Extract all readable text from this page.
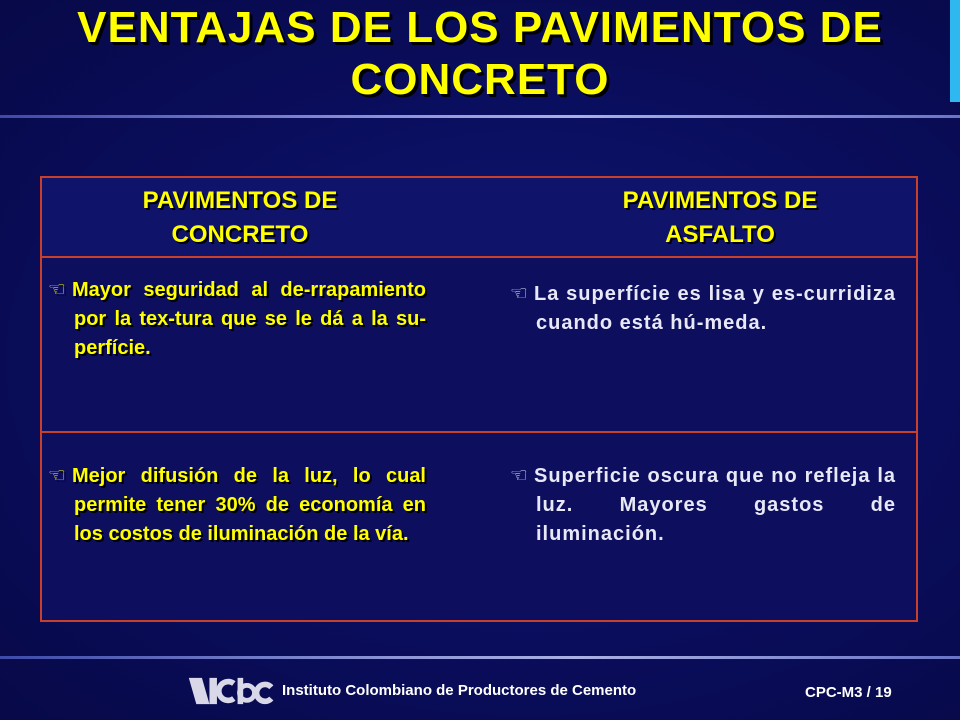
VENTAJAS DE LOS PAVIMENTOS DE
CONCRETO
PAVIMENTOS DE
CONCRETO
PAVIMENTOS DE
ASFALTO
☜ Mayor seguridad al de-rrapamiento por la tex-tura que se le dá a la su-perfície.
☜ La superfície es lisa y es-curridiza cuando está hú-meda.
☜ Mejor difusión de la luz, lo cual permite tener 30% de economía en los costos de iluminación de la vía.
☜ Superficie oscura que no refleja la luz. Mayores gastos de iluminación.
Instituto Colombiano de Productores de Cemento	CPC-M3 / 19
